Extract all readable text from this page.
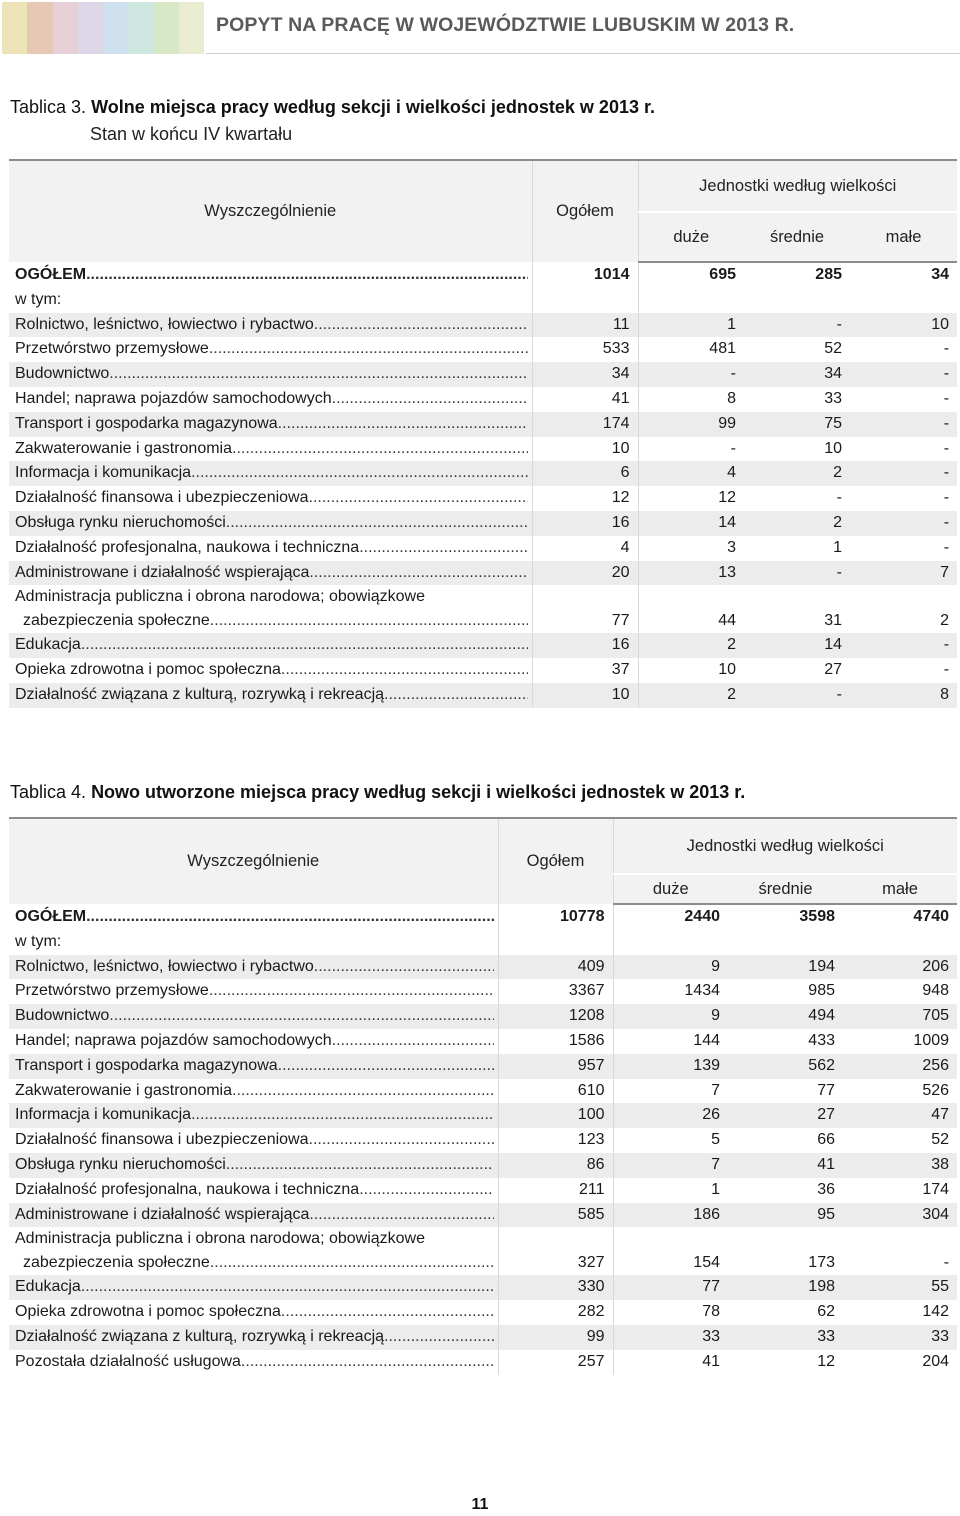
POPYT NA PRACĘ W WOJEWÓDZTWIE LUBUSKIM W 2013 R.
Tablica 3. Wolne miejsca pracy według sekcji i wielkości jednostek w 2013 r.
Stan w końcu IV kwartału
Wyszczególnienie	Ogółem	Jednostki według wielkości		
		duże	średnie	małe

OGÓŁEM
.....	1014	695	285	34
w tym:				

Rolnictwo, leśnictwo, łowiectwo i rybactwo
.....	11	1	-	10

Przetwórstwo przemysłowe
.....	533	481	52	-

Budownictwo
.....	34	-	34	-

Handel; naprawa pojazdów samochodowych
.....	41	8	33	-

Transport i gospodarka magazynowa
.....	174	99	75	-

Zakwaterowanie i gastronomia
.....	10	-	10	-

Informacja i komunikacja
.....	6	4	2	-

Działalność finansowa i ubezpieczeniowa
.....	12	12	-	-

Obsługa rynku nieruchomości
.....	16	14	2	-

Działalność profesjonalna, naukowa i techniczna
.....	4	3	1	-

Administrowane i działalność wspierająca
.....	20	13	-	7

Administracja publiczna i obrona narodowa; obowiązkowe
zabezpieczenia społeczne
.....	77	44	31	2

Edukacja
.....	16	2	14	-

Opieka zdrowotna i pomoc społeczna
.....	37	10	27	-

Działalność związana z kulturą, rozrywką i rekreacją
.....	10	2	-	8
Tablica 4. Nowo utworzone miejsca pracy według sekcji i wielkości jednostek w 2013 r.
Wyszczególnienie	Ogółem	Jednostki według wielkości		
		duże	średnie	małe

OGÓŁEM
.....	10778	2440	3598	4740
w tym:				

Rolnictwo, leśnictwo, łowiectwo i rybactwo
.....	409	9	194	206

Przetwórstwo przemysłowe
.....	3367	1434	985	948

Budownictwo
.....	1208	9	494	705

Handel; naprawa pojazdów samochodowych
.....	1586	144	433	1009

Transport i gospodarka magazynowa
.....	957	139	562	256

Zakwaterowanie i gastronomia
.....	610	7	77	526

Informacja i komunikacja
.....	100	26	27	47

Działalność finansowa i ubezpieczeniowa
.....	123	5	66	52

Obsługa rynku nieruchomości
.....	86	7	41	38

Działalność profesjonalna, naukowa i techniczna
.....	211	1	36	174

Administrowane i działalność wspierająca
.....	585	186	95	304

Administracja publiczna i obrona narodowa; obowiązkowe
zabezpieczenia społeczne
.....	327	154	173	-

Edukacja
.....	330	77	198	55

Opieka zdrowotna i pomoc społeczna
.....	282	78	62	142

Działalność związana z kulturą, rozrywką i rekreacją
.....	99	33	33	33

Pozostała działalność usługowa
.....	257	41	12	204
11
